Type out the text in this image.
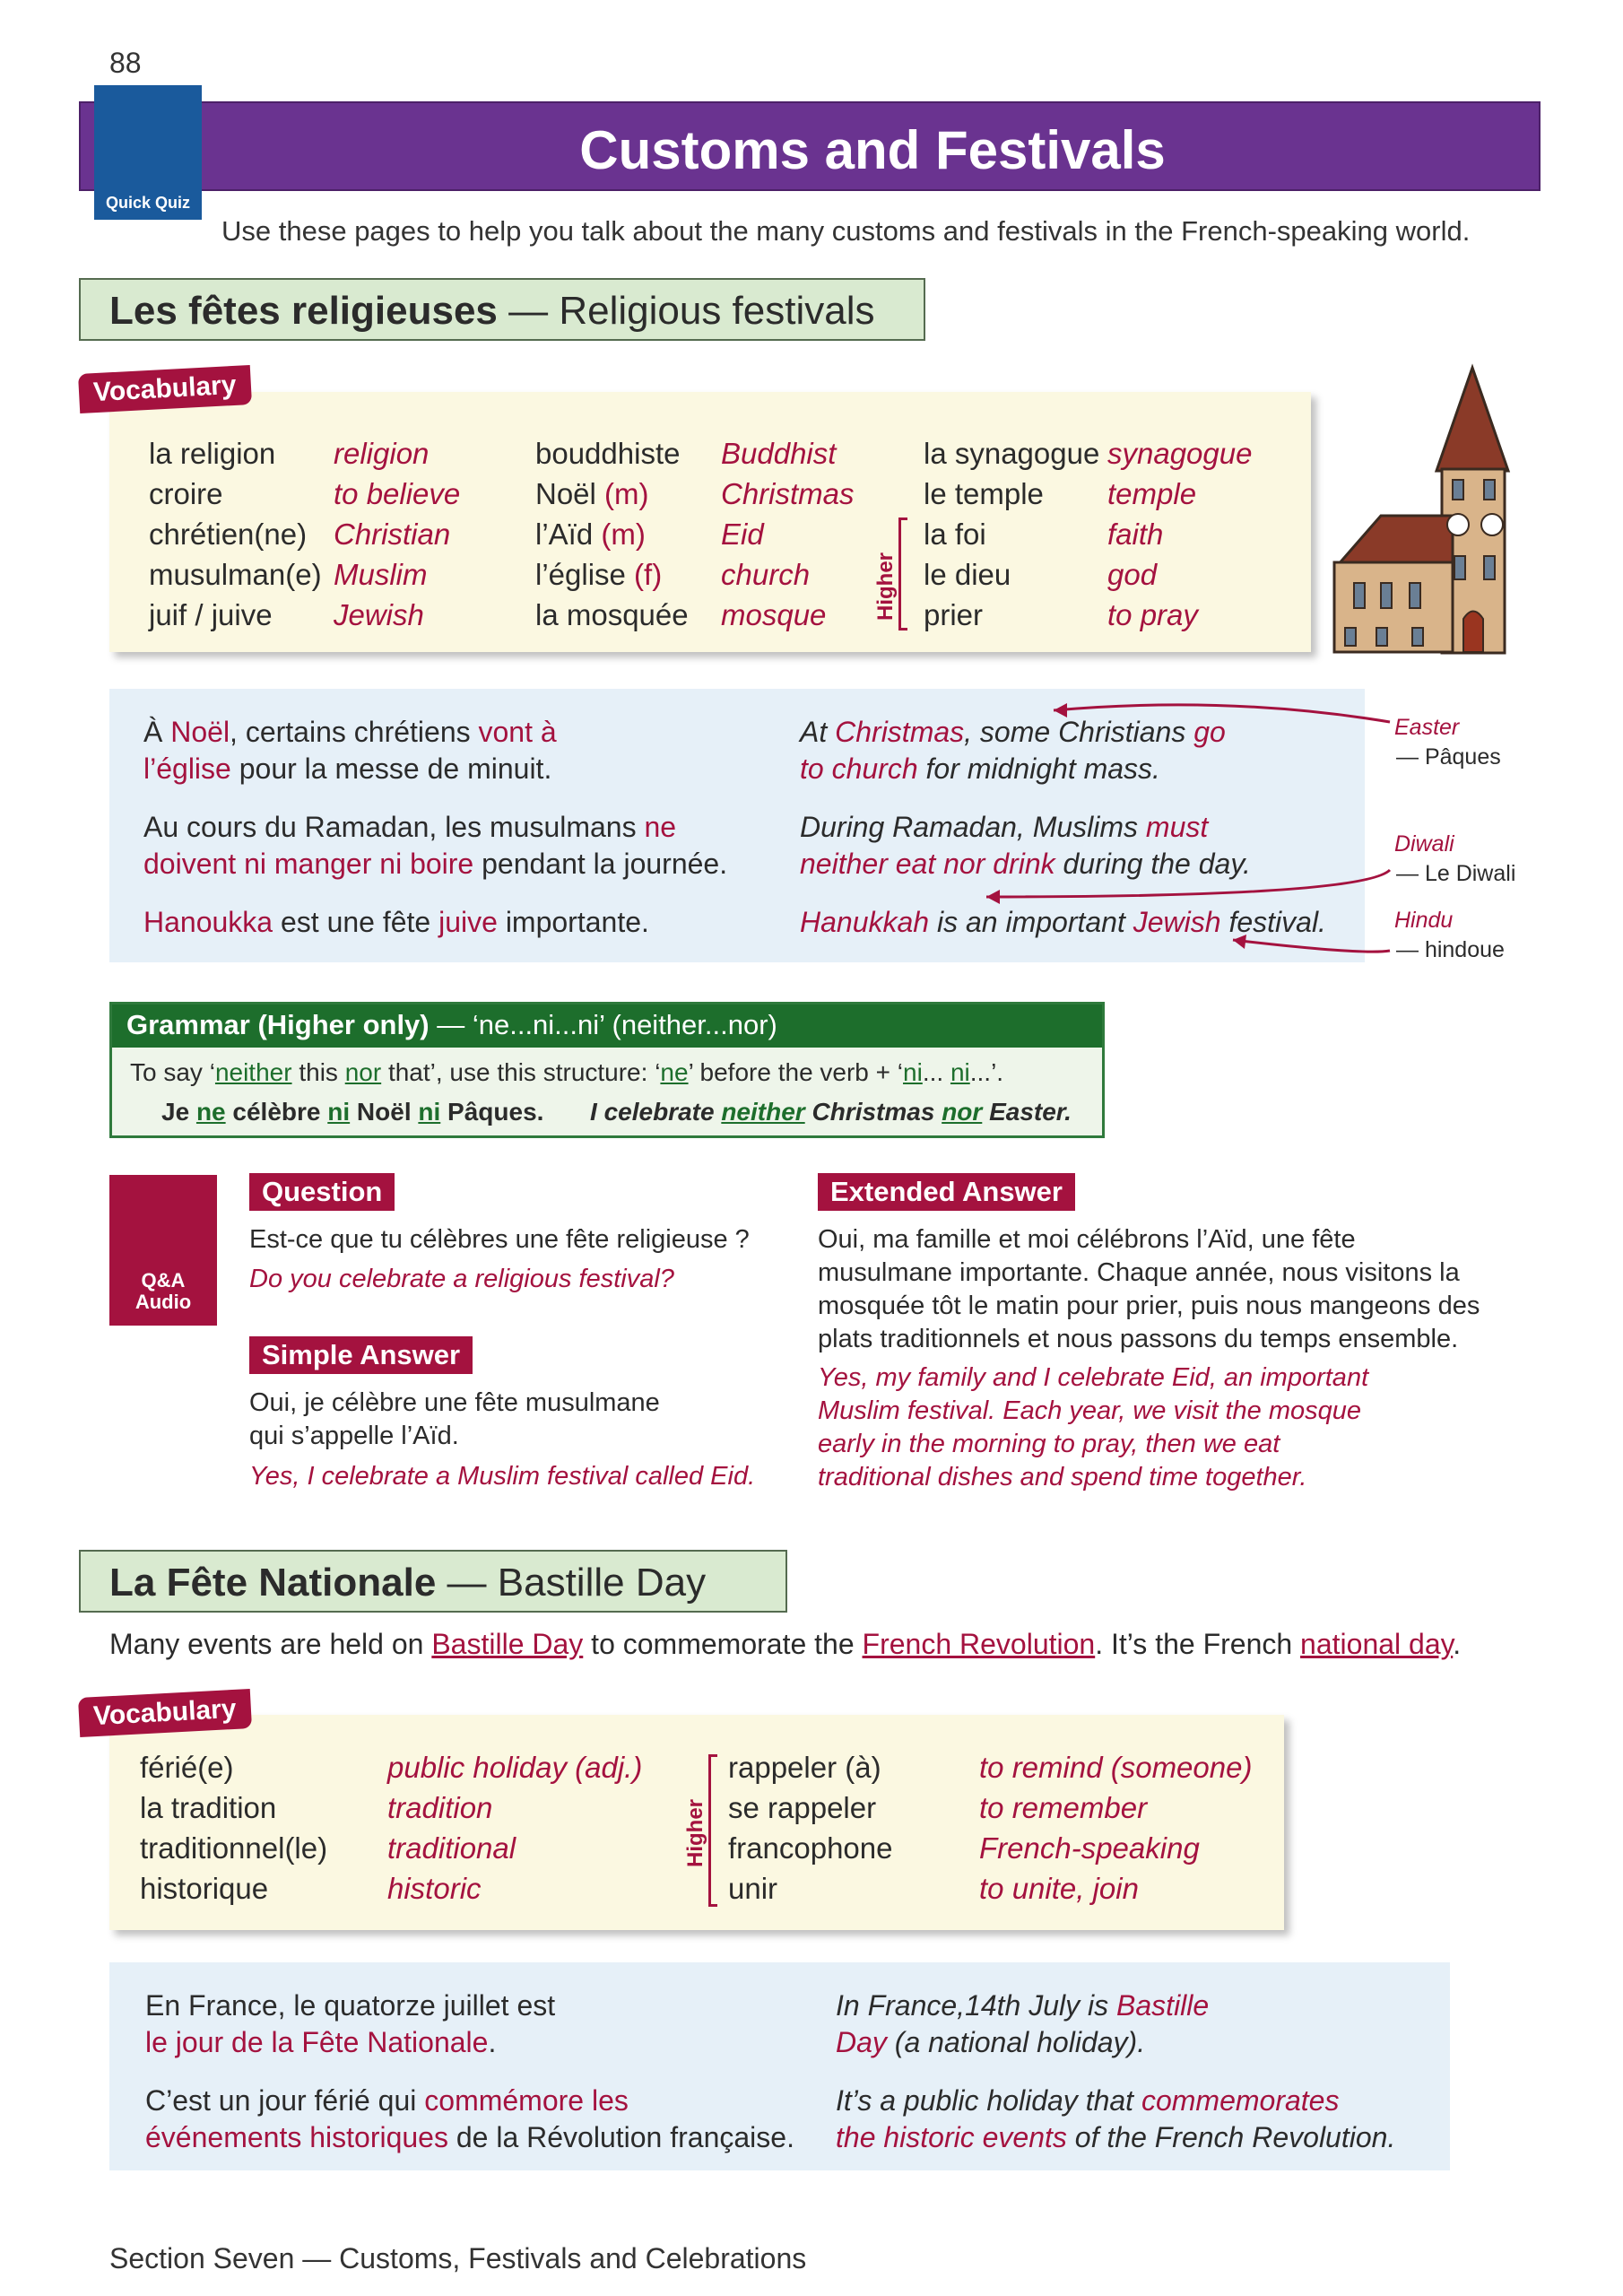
88
Customs and Festivals
Quick Quiz
Use these pages to help you talk about the many customs and festivals in the French-speaking world.
Les fêtes religieuses — Religious festivals
la religion
croire
chrétien(ne)
musulman(e)
juif / juive
religion
to believe
Christian
Muslim
Jewish
bouddhiste
Noël (m)
l’Aïd (m)
l’église (f)
la mosquée
Buddhist
Christmas
Eid
church
mosque	Higher
la synagogue
le temple
la foi
le dieu
prier
synagogue
temple
faith
god
to pray
Vocabulary
À Noël, certains chrétiens vont à
l’église pour la messe de minuit.
At Christmas, some Christians go
to church for midnight mass.
Au cours du Ramadan, les musulmans ne
doivent ni manger ni boire pendant la journée.
During Ramadan, Muslims must
neither eat nor drink during the day.
Hanoukka est une fête juive importante.	Hanukkah is an important Jewish festival.
Easter
— Pâques
Diwali
— Le Diwali
Hindu
— hindoue
Grammar (Higher only) — ‘ne...ni...ni’ (neither...nor)
To say ‘neither this nor that’, use this structure: ‘ne’ before the verb + ‘ni... ni...’.
Je ne célèbre ni Noël ni Pâques. I celebrate neither Christmas nor Easter.
Q&A
Audio
Question
Est-ce que tu célèbres une fête religieuse ?
Do you celebrate a religious festival?
Simple Answer
Oui, je célèbre une fête musulmane
qui s’appelle l’Aïd.
Yes, I celebrate a Muslim festival called Eid.
Extended Answer
Oui, ma famille et moi célébrons l’Aïd, une fête
musulmane importante. Chaque année, nous visitons la
mosquée tôt le matin pour prier, puis nous mangeons des
plats traditionnels et nous passons du temps ensemble.
Yes, my family and I celebrate Eid, an important
Muslim festival. Each year, we visit the mosque
early in the morning to pray, then we eat
traditional dishes and spend time together.
La Fête Nationale — Bastille Day
Many events are held on Bastille Day to commemorate the French Revolution. It’s the French national day.
férié(e)
la tradition
traditionnel(le)
historique
public holiday (adj.)
tradition
traditional
historic
Higher
rappeler (à)
se rappeler
francophone
unir
to remind (someone)
to remember
French-speaking
to unite, join
Vocabulary
En France, le quatorze juillet est
le jour de la Fête Nationale.
In France,14th July is Bastille
Day (a national holiday).
C’est un jour férié qui commémore les
événements historiques de la Révolution française.
It’s a public holiday that commemorates
the historic events of the French Revolution.
Section Seven — Customs, Festivals and Celebrations
